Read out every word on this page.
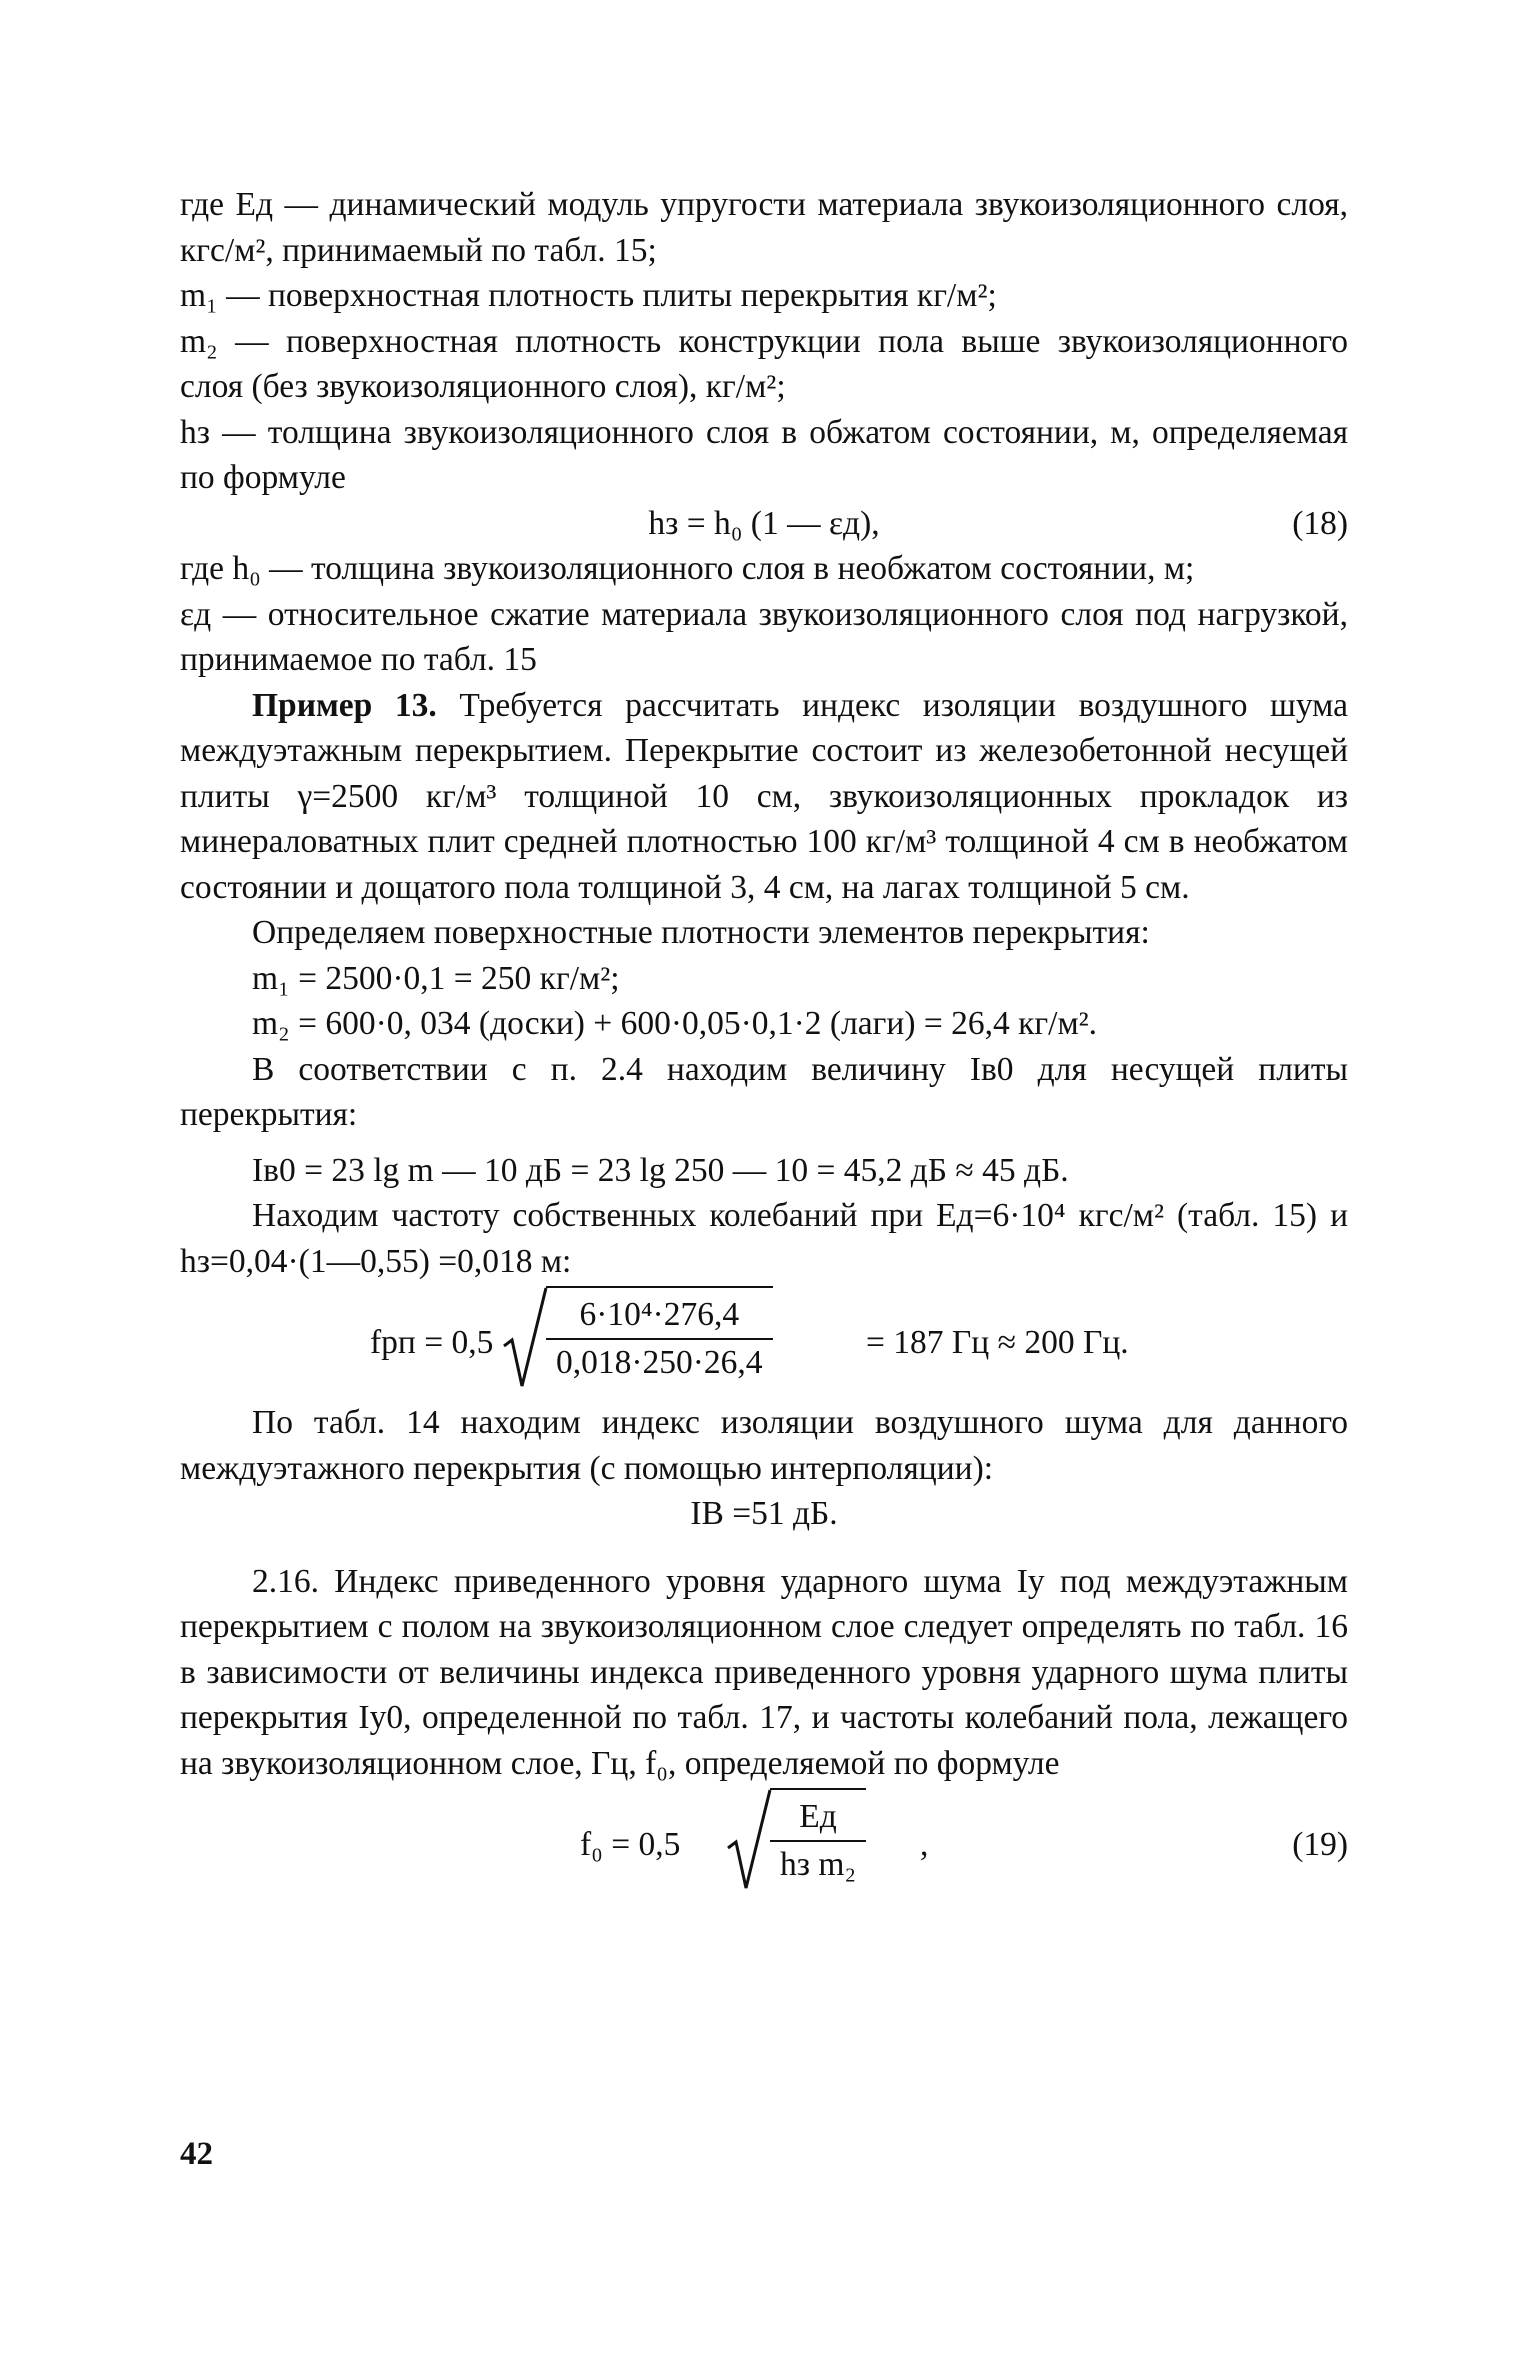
где Eд — динамический модуль упругости материала звукоизоляционного слоя, кгс/м², принимаемый по табл. 15;

m₁ — поверхностная плотность плиты перекрытия кг/м²;

m₂ — поверхностная плотность конструкции пола выше звукоизоляционного слоя (без звукоизоляционного слоя), кг/м²;

hз — толщина звукоизоляционного слоя в обжатом состоянии, м, определяемая по формуле

hз = h₀ (1 — εд),	(18)

где h₀ — толщина звукоизоляционного слоя в необжатом состоянии, м;

εд — относительное сжатие материала звукоизоляционного слоя под нагрузкой, принимаемое по табл. 15

Пример 13. Требуется рассчитать индекс изоляции воздушного шума междуэтажным перекрытием. Перекрытие состоит из железобетонной несущей плиты γ=2500 кг/м³ толщиной 10 см, звукоизоляционных прокладок из минераловатных плит средней плотностью 100 кг/м³ толщиной 4 см в необжатом состоянии и дощатого пола толщиной 3, 4 см, на лагах толщиной 5 см.

Определяем поверхностные плотности элементов перекрытия:

m₁ = 2500·0,1 = 250 кг/м²;

m₂ = 600·0, 034 (доски) + 600·0,05·0,1·2 (лаги) = 26,4 кг/м².

В соответствии с п. 2.4 находим величину Iв0 для несущей плиты перекрытия:

Iв0 = 23 lg m — 10 дБ = 23 lg 250 — 10 = 45,2 дБ ≈ 45 дБ.

Находим частоту собственных колебаний при Eд=6·10⁴ кгс/м² (табл. 15) и hз=0,04·(1—0,55) =0,018 м:

fрп = $0,5 \frac{\text{6·10⁴·276,4}}{0,018\cdot 250\cdot 26,4}$	= 187 Гц ≈ 200 Гц.

По табл. 14 находим индекс изоляции воздушного шума для данного междуэтажного перекрытия (с помощью интерполяции):

IB =51 дБ.

2.16. Индекс приведенного уровня ударного шума Iу под междуэтажным перекрытием с полом на звукоизоляционном слое следует определять по табл. 16 в зависимости от величины индекса приведенного уровня ударного шума плиты перекрытия Iу0, определенной по табл. 17, и частоты колебаний пола, лежащего на звукоизоляционном слое, Гц, f₀, определяемой по формуле

f₀ = 0,5	$\frac{Eд}{\text{hз m₂}}$ ,	(19)
42
